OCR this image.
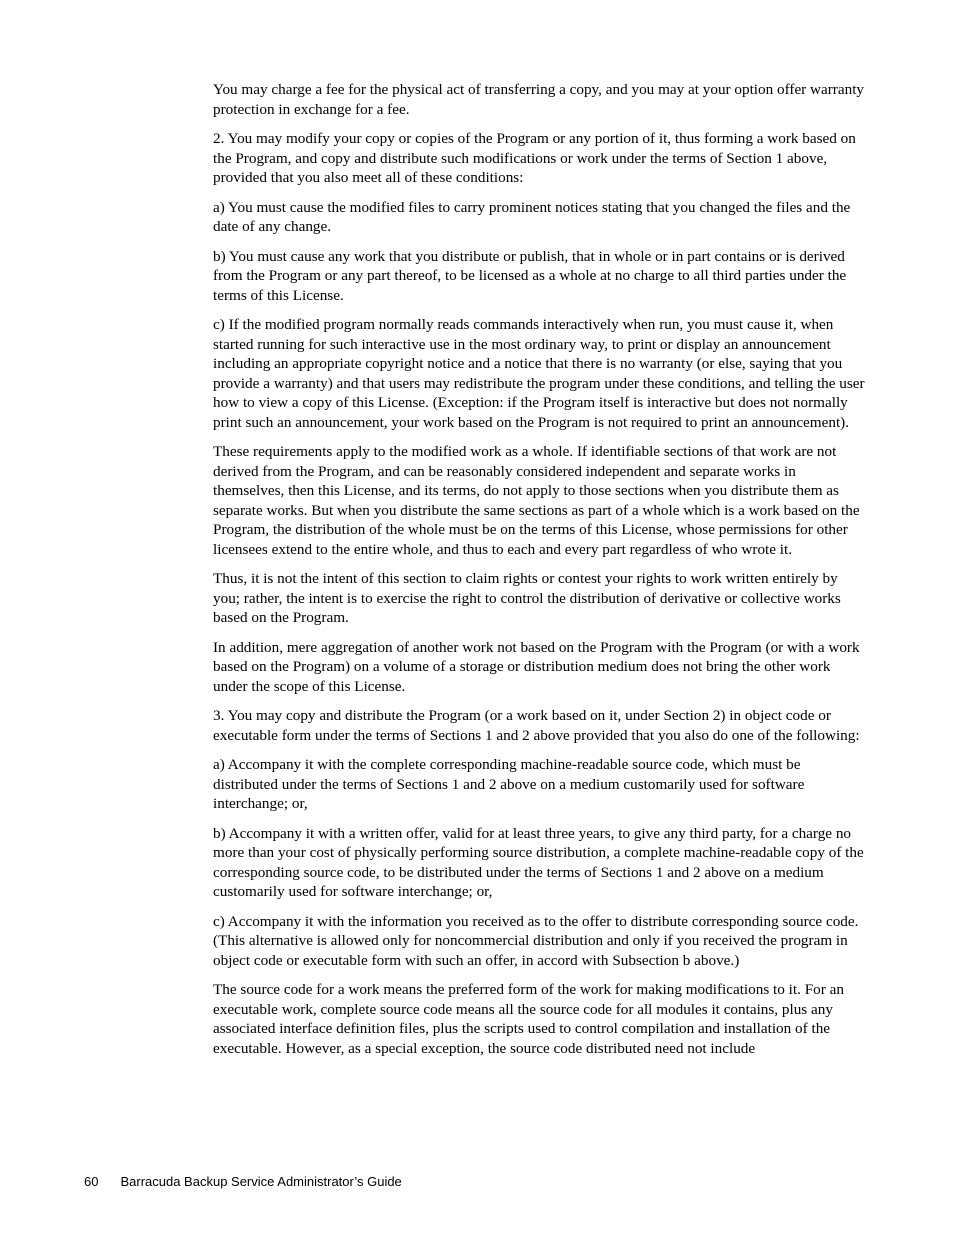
You may charge a fee for the physical act of transferring a copy, and you may at your option offer warranty protection in exchange for a fee.

2. You may modify your copy or copies of the Program or any portion of it, thus forming a work based on the Program, and copy and distribute such modifications or work under the terms of Section 1 above, provided that you also meet all of these conditions:

a) You must cause the modified files to carry prominent notices stating that you changed the files and the date of any change.

b) You must cause any work that you distribute or publish, that in whole or in part contains or is derived from the Program or any part thereof, to be licensed as a whole at no charge to all third parties under the terms of this License.

c) If the modified program normally reads commands interactively when run, you must cause it, when started running for such interactive use in the most ordinary way, to print or display an announcement including an appropriate copyright notice and a notice that there is no warranty (or else, saying that you provide a warranty) and that users may redistribute the program under these conditions, and telling the user how to view a copy of this License. (Exception: if the Program itself is interactive but does not normally print such an announcement, your work based on the Program is not required to print an announcement).

These requirements apply to the modified work as a whole. If identifiable sections of that work are not derived from the Program, and can be reasonably considered independent and separate works in themselves, then this License, and its terms, do not apply to those sections when you distribute them as separate works. But when you distribute the same sections as part of a whole which is a work based on the Program, the distribution of the whole must be on the terms of this License, whose permissions for other licensees extend to the entire whole, and thus to each and every part regardless of who wrote it.

Thus, it is not the intent of this section to claim rights or contest your rights to work written entirely by you; rather, the intent is to exercise the right to control the distribution of derivative or collective works based on the Program.

In addition, mere aggregation of another work not based on the Program with the Program (or with a work based on the Program) on a volume of a storage or distribution medium does not bring the other work under the scope of this License.

3. You may copy and distribute the Program (or a work based on it, under Section 2) in object code or executable form under the terms of Sections 1 and 2 above provided that you also do one of the following:

a) Accompany it with the complete corresponding machine-readable source code, which must be distributed under the terms of Sections 1 and 2 above on a medium customarily used for software interchange; or,

b) Accompany it with a written offer, valid for at least three years, to give any third party, for a charge no more than your cost of physically performing source distribution, a complete machine-readable copy of the corresponding source code, to be distributed under the terms of Sections 1 and 2 above on a medium customarily used for software interchange; or,

c) Accompany it with the information you received as to the offer to distribute corresponding source code. (This alternative is allowed only for noncommercial distribution and only if you received the program in object code or executable form with such an offer, in accord with Subsection b above.)

The source code for a work means the preferred form of the work for making modifications to it. For an executable work, complete source code means all the source code for all modules it contains, plus any associated interface definition files, plus the scripts used to control compilation and installation of the executable. However, as a special exception, the source code distributed need not include

60 Barracuda Backup Service Administrator’s Guide
